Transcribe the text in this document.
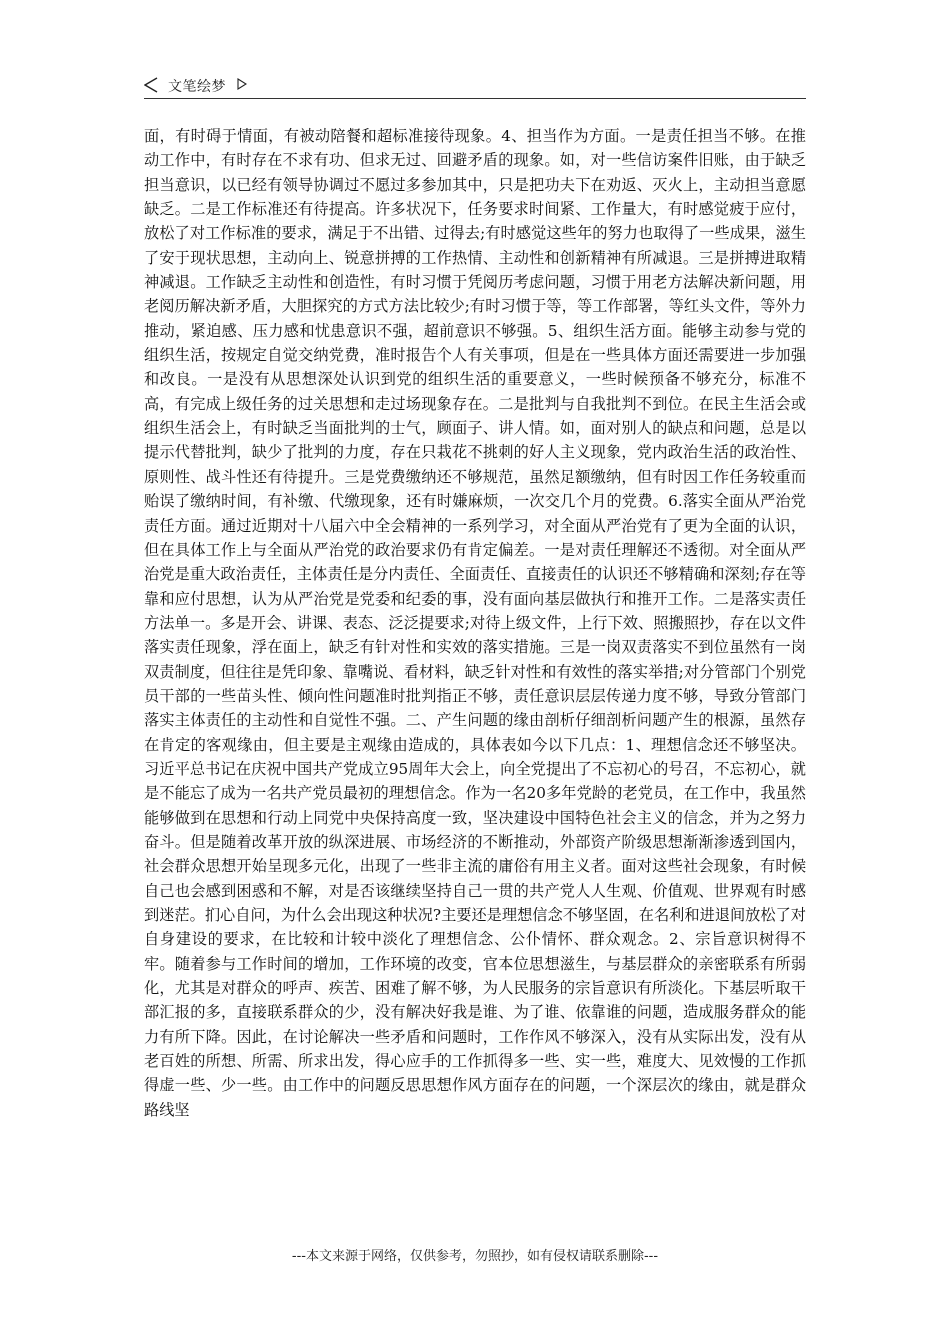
文笔绘梦

面，有时碍于情面，有被动陪餐和超标准接待现象。4、担当作为方面。一是责任担当不够。在推动工作中，有时存在不求有功、但求无过、回避矛盾的现象。如，对一些信访案件旧账，由于缺乏担当意识，以已经有领导协调过不愿过多参加其中，只是把功夫下在劝返、灭火上，主动担当意愿缺乏。二是工作标准还有待提高。许多状况下，任务要求时间紧、工作量大，有时感觉疲于应付，放松了对工作标准的要求，满足于不出错、过得去;有时感觉这些年的努力也取得了一些成果，滋生了安于现状思想，主动向上、锐意拼搏的工作热情、主动性和创新精神有所减退。三是拼搏进取精神减退。工作缺乏主动性和创造性，有时习惯于凭阅历考虑问题，习惯于用老方法解决新问题，用老阅历解决新矛盾，大胆探究的方式方法比较少;有时习惯于等，等工作部署，等红头文件，等外力推动，紧迫感、压力感和忧患意识不强，超前意识不够强。5、组织生活方面。能够主动参与党的组织生活，按规定自觉交纳党费，准时报告个人有关事项，但是在一些具体方面还需要进一步加强和改良。一是没有从思想深处认识到党的组织生活的重要意义，一些时候预备不够充分，标准不高，有完成上级任务的过关思想和走过场现象存在。二是批判与自我批判不到位。在民主生活会或组织生活会上，有时缺乏当面批判的士气，顾面子、讲人情。如，面对别人的缺点和问题，总是以提示代替批判，缺少了批判的力度，存在只栽花不挑刺的好人主义现象，党内政治生活的政治性、原则性、战斗性还有待提升。三是党费缴纳还不够规范，虽然足额缴纳，但有时因工作任务较重而贻误了缴纳时间，有补缴、代缴现象，还有时嫌麻烦，一次交几个月的党费。6.落实全面从严治党责任方面。通过近期对十八届六中全会精神的一系列学习，对全面从严治党有了更为全面的认识，但在具体工作上与全面从严治党的政治要求仍有肯定偏差。一是对责任理解还不透彻。对全面从严治党是重大政治责任，主体责任是分内责任、全面责任、直接责任的认识还不够精确和深刻;存在等靠和应付思想，认为从严治党是党委和纪委的事，没有面向基层做执行和推开工作。二是落实责任方法单一。多是开会、讲课、表态、泛泛提要求;对待上级文件，上行下效、照搬照抄，存在以文件落实责任现象，浮在面上，缺乏有针对性和实效的落实措施。三是一岗双责落实不到位虽然有一岗双责制度，但往往是凭印象、靠嘴说、看材料，缺乏针对性和有效性的落实举措;对分管部门个别党员干部的一些苗头性、倾向性问题准时批判指正不够，责任意识层层传递力度不够，导致分管部门落实主体责任的主动性和自觉性不强。二、产生问题的缘由剖析仔细剖析问题产生的根源，虽然存在肯定的客观缘由，但主要是主观缘由造成的，具体表如今以下几点：1、理想信念还不够坚决。习近平总书记在庆祝中国共产党成立95周年大会上，向全党提出了不忘初心的号召，不忘初心，就是不能忘了成为一名共产党员最初的理想信念。作为一名20多年党龄的老党员，在工作中，我虽然能够做到在思想和行动上同党中央保持高度一致，坚决建设中国特色社会主义的信念，并为之努力奋斗。但是随着改革开放的纵深进展、市场经济的不断推动，外部资产阶级思想渐渐渗透到国内，社会群众思想开始呈现多元化，出现了一些非主流的庸俗有用主义者。面对这些社会现象，有时候自己也会感到困惑和不解，对是否该继续坚持自己一贯的共产党人人生观、价值观、世界观有时感到迷茫。扪心自问，为什么会出现这种状况?主要还是理想信念不够坚固，在名利和进退间放松了对自身建设的要求，在比较和计较中淡化了理想信念、公仆情怀、群众观念。2、宗旨意识树得不牢。随着参与工作时间的增加，工作环境的改变，官本位思想滋生，与基层群众的亲密联系有所弱化，尤其是对群众的呼声、疾苦、困难了解不够，为人民服务的宗旨意识有所淡化。下基层听取干部汇报的多，直接联系群众的少，没有解决好我是谁、为了谁、依靠谁的问题，造成服务群众的能力有所下降。因此，在讨论解决一些矛盾和问题时，工作作风不够深入，没有从实际出发，没有从老百姓的所想、所需、所求出发，得心应手的工作抓得多一些、实一些，难度大、见效慢的工作抓得虚一些、少一些。由工作中的问题反思思想作风方面存在的问题，一个深层次的缘由，就是群众路线坚

---本文来源于网络，仅供参考，勿照抄，如有侵权请联系删除---
